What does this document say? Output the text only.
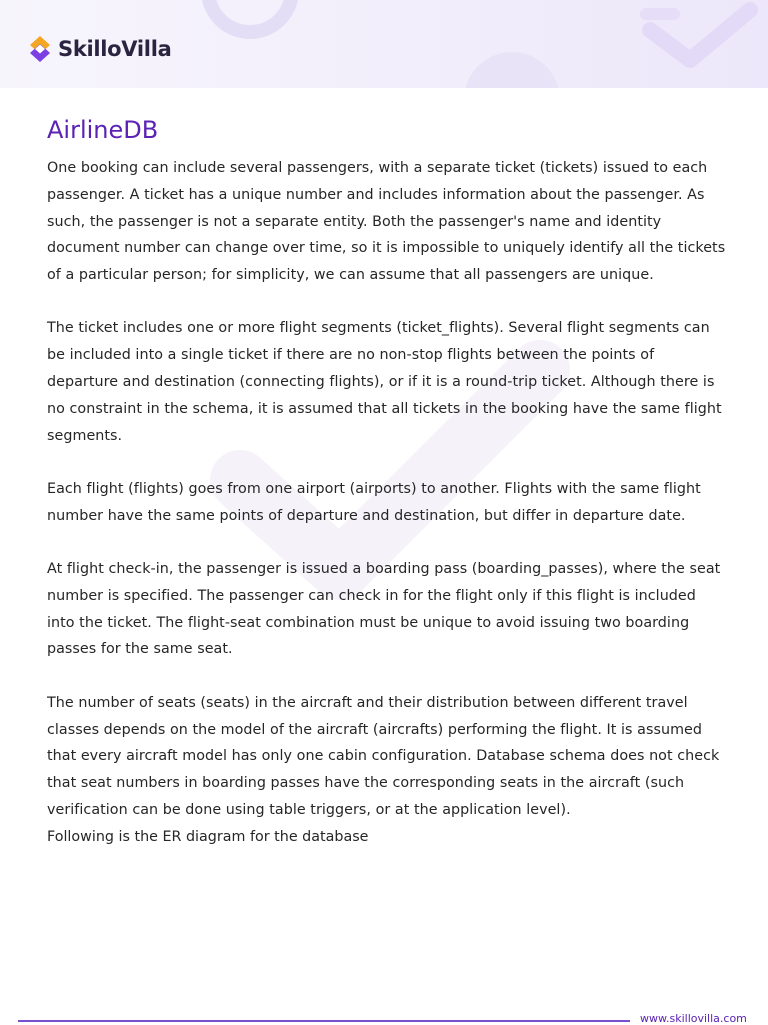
SkilloVilla
AirlineDB

One booking can include several passengers, with a separate ticket (tickets) issued to each passenger. A ticket has a unique number and includes information about the passenger. As such, the passenger is not a separate entity. Both the passenger's name and identity document number can change over time, so it is impossible to uniquely identify all the tickets of a particular person; for simplicity, we can assume that all passengers are unique.

The ticket includes one or more flight segments (ticket_flights). Several flight segments can be included into a single ticket if there are no non-stop flights between the points of departure and destination (connecting flights), or if it is a round-trip ticket. Although there is no constraint in the schema, it is assumed that all tickets in the booking have the same flight segments.

Each flight (flights) goes from one airport (airports) to another. Flights with the same flight number have the same points of departure and destination, but differ in departure date.

At flight check-in, the passenger is issued a boarding pass (boarding_passes), where the seat number is specified. The passenger can check in for the flight only if this flight is included into the ticket. The flight-seat combination must be unique to avoid issuing two boarding passes for the same seat.

The number of seats (seats) in the aircraft and their distribution between different travel classes depends on the model of the aircraft (aircrafts) performing the flight. It is assumed that every aircraft model has only one cabin configuration. Database schema does not check that seat numbers in boarding passes have the corresponding seats in the aircraft (such verification can be done using table triggers, or at the application level).

Following is the ER diagram for the database

www.skillovilla.com
